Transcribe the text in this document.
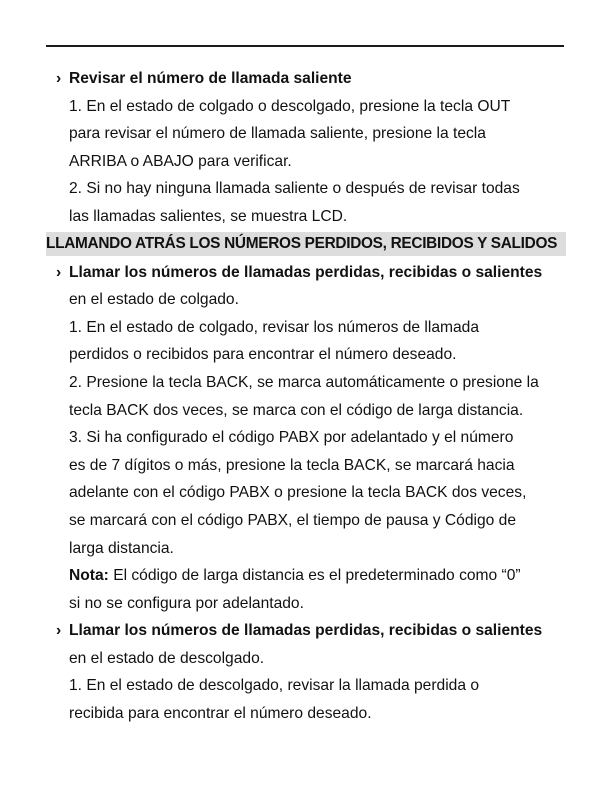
› Revisar el número de llamada saliente
1. En el estado de colgado o descolgado, presione la tecla OUT
para revisar el número de llamada saliente, presione la tecla
ARRIBA o ABAJO para verificar.
2. Si no hay ninguna llamada saliente o después de revisar todas
las llamadas salientes, se muestra LCD.
LLAMANDO ATRÁS LOS NÚMEROS PERDIDOS, RECIBIDOS Y SALIDOS
› Llamar los números de llamadas perdidas, recibidas o salientes
en el estado de colgado.
1. En el estado de colgado, revisar los números de llamada
perdidos o recibidos para encontrar el número deseado.
2. Presione la tecla BACK, se marca automáticamente o presione la
tecla BACK dos veces, se marca con el código de larga distancia.
3. Si ha configurado el código PABX por adelantado y el número
es de 7 dígitos o más, presione la tecla BACK, se marcará hacia
adelante con el código PABX o presione la tecla BACK dos veces,
se marcará con el código PABX, el tiempo de pausa y Código de
larga distancia.
Nota: El código de larga distancia es el predeterminado como “0”
si no se configura por adelantado.
› Llamar los números de llamadas perdidas, recibidas o salientes
en el estado de descolgado.
1. En el estado de descolgado, revisar la llamada perdida o
recibida para encontrar el número deseado.
